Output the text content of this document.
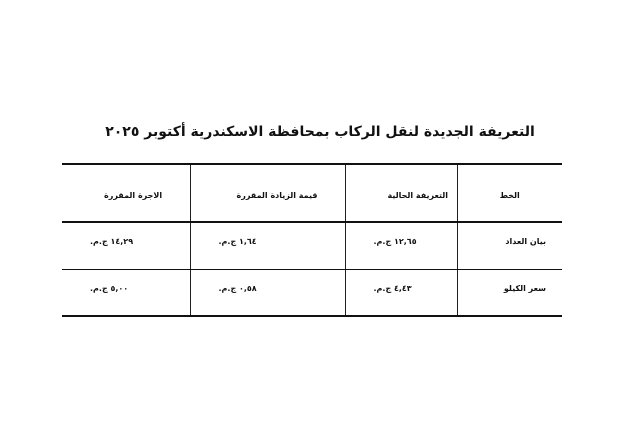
التعريفة الجديدة لنقل الركاب بمحافظة الاسكندرية أكتوبر ٢٠٢٥
الخط	التعريفة الحالية	قيمة الزيادة المقررة	الاجرة المقررة
بيان العداد	١٢,٦٥ ج.م.	١,٦٤ ج.م.	١٤,٢٩ ج.م.
سعر الكيلو	٤,٤٣ ج.م.	٠,٥٨ ج.م.	٥,٠٠ ج.م.
